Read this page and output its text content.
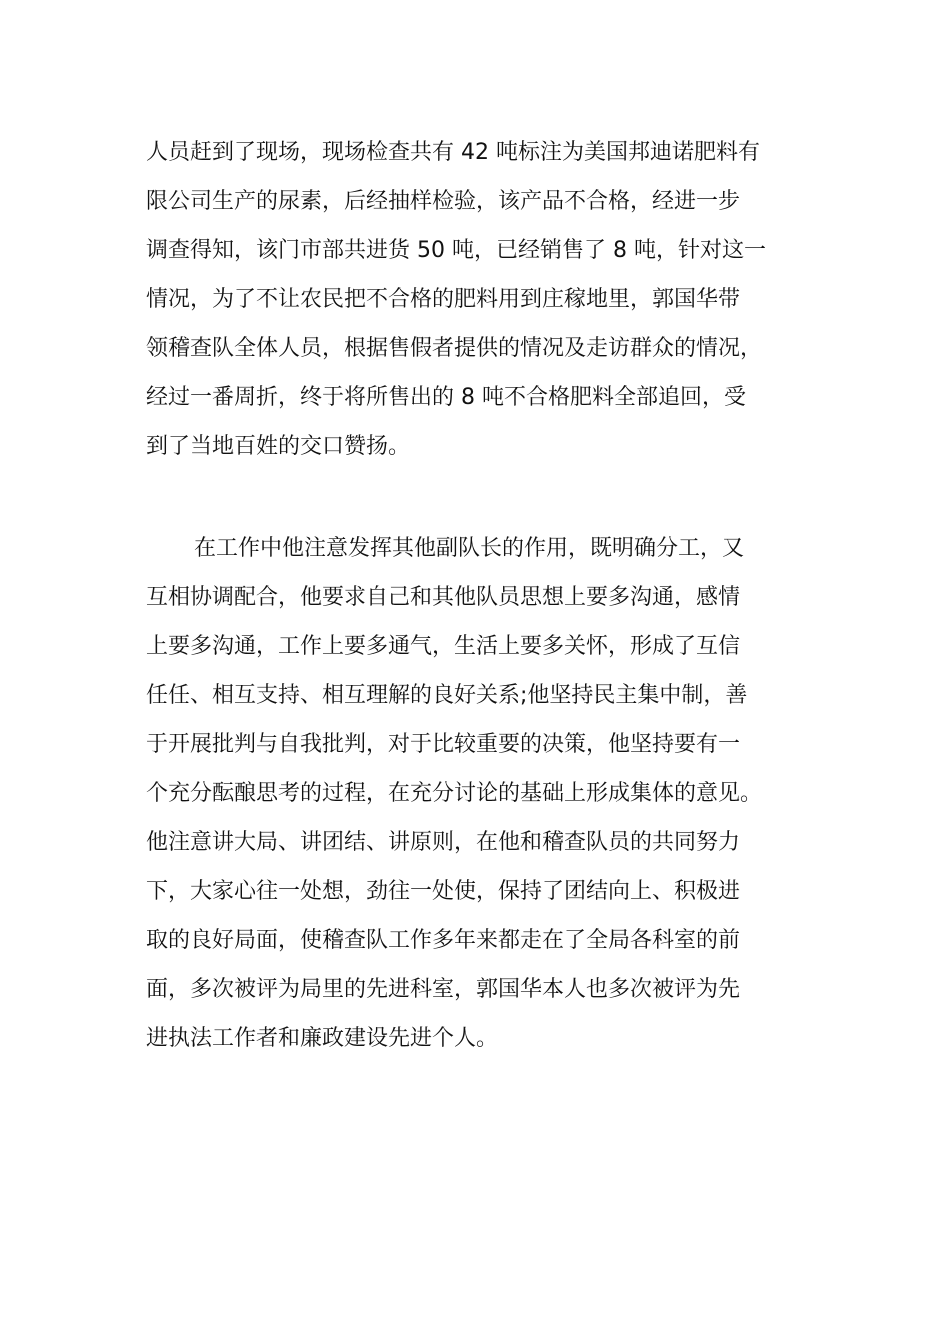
人员赶到了现场，现场检查共有 42 吨标注为美国邦迪诺肥料有
限公司生产的尿素，后经抽样检验，该产品不合格，经进一步
调查得知，该门市部共进货 50 吨，已经销售了 8 吨，针对这一
情况，为了不让农民把不合格的肥料用到庄稼地里，郭国华带
领稽查队全体人员，根据售假者提供的情况及走访群众的情况，
经过一番周折，终于将所售出的 8 吨不合格肥料全部追回，受
到了当地百姓的交口赞扬。
在工作中他注意发挥其他副队长的作用，既明确分工，又
互相协调配合，他要求自己和其他队员思想上要多沟通，感情
上要多沟通，工作上要多通气，生活上要多关怀，形成了互信
任任、相互支持、相互理解的良好关系;他坚持民主集中制，善
于开展批判与自我批判，对于比较重要的决策，他坚持要有一
个充分酝酿思考的过程，在充分讨论的基础上形成集体的意见。
他注意讲大局、讲团结、讲原则，在他和稽查队员的共同努力
下，大家心往一处想，劲往一处使，保持了团结向上、积极进
取的良好局面，使稽查队工作多年来都走在了全局各科室的前
面，多次被评为局里的先进科室，郭国华本人也多次被评为先
进执法工作者和廉政建设先进个人。
